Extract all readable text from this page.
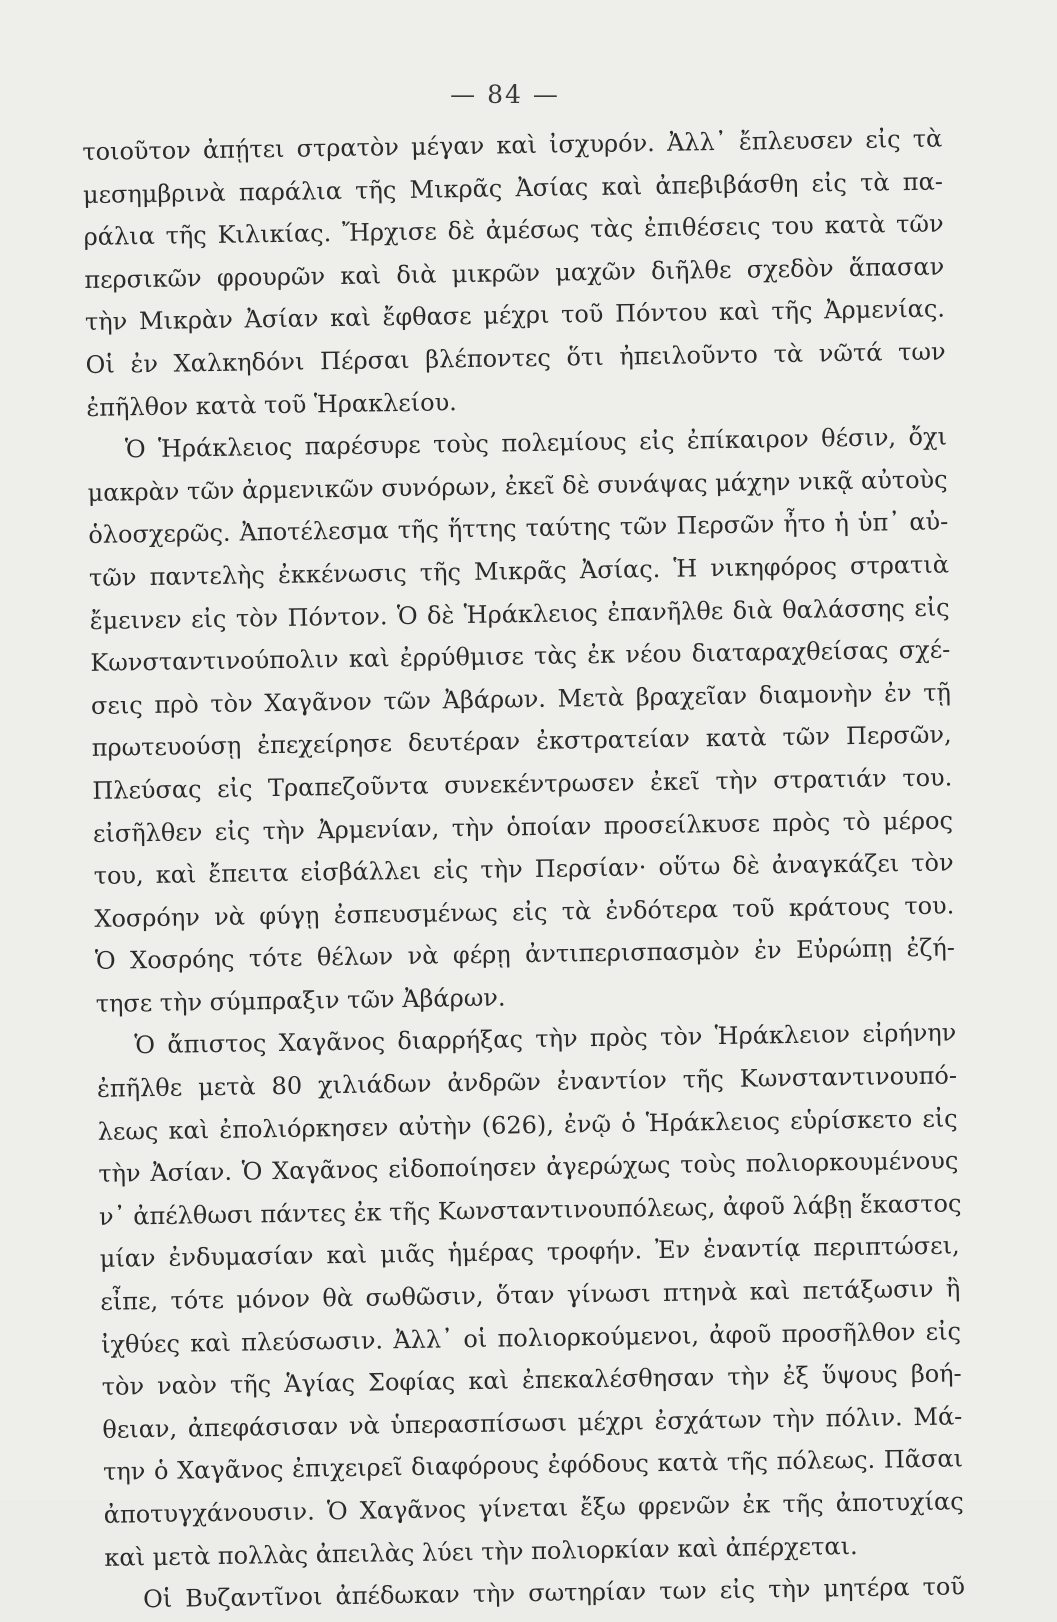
— 84 —
τοιοῦτον ἀπῄτει στρατὸν μέγαν καὶ ἰσχυρόν. Ἀλλ᾽ ἔπλευσεν εἰς τὰ
μεσημβρινὰ παράλια τῆς Μικρᾶς Ἀσίας καὶ ἀπεβιβάσθη εἰς τὰ πα-
ράλια τῆς Κιλικίας. Ἤρχισε δὲ ἀμέσως τὰς ἐπιθέσεις του κατὰ τῶν
περσικῶν φρουρῶν καὶ διὰ μικρῶν μαχῶν διῆλθε σχεδὸν ἅπασαν
τὴν Μικρὰν Ἀσίαν καὶ ἔφθασε μέχρι τοῦ Πόντου καὶ τῆς Ἀρμενίας.
Οἱ ἐν Χαλκηδόνι Πέρσαι βλέποντες ὅτι ἠπειλοῦντο τὰ νῶτά των
ἐπῆλθον κατὰ τοῦ Ἡρακλείου.
Ὁ Ἡράκλειος παρέσυρε τοὺς πολεμίους εἰς ἐπίκαιρον θέσιν, ὄχι
μακρὰν τῶν ἀρμενικῶν συνόρων, ἐκεῖ δὲ συνάψας μάχην νικᾷ αὐτοὺς
ὁλοσχερῶς. Ἀποτέλεσμα τῆς ἥττης ταύτης τῶν Περσῶν ἦτο ἡ ὑπ᾽ αὐ-
τῶν παντελὴς ἐκκένωσις τῆς Μικρᾶς Ἀσίας. Ἡ νικηφόρος στρατιὰ
ἔμεινεν εἰς τὸν Πόντον. Ὁ δὲ Ἡράκλειος ἐπανῆλθε διὰ θαλάσσης εἰς
Κωνσταντινούπολιν καὶ ἐρρύθμισε τὰς ἐκ νέου διαταραχθείσας σχέ-
σεις πρὸ τὸν Χαγᾶνον τῶν Ἀβάρων. Μετὰ βραχεῖαν διαμονὴν ἐν τῇ
πρωτευούσῃ ἐπεχείρησε δευτέραν ἐκστρατείαν κατὰ τῶν Περσῶν,
Πλεύσας εἰς Τραπεζοῦντα συνεκέντρωσεν ἐκεῖ τὴν στρατιάν του.
εἰσῆλθεν εἰς τὴν Ἀρμενίαν, τὴν ὁποίαν προσείλκυσε πρὸς τὸ μέρος
του, καὶ ἔπειτα εἰσβάλλει εἰς τὴν Περσίαν· οὕτω δὲ ἀναγκάζει τὸν
Χοσρόην νὰ φύγῃ ἐσπευσμένως εἰς τὰ ἐνδότερα τοῦ κράτους του.
Ὁ Χοσρόης τότε θέλων νὰ φέρῃ ἀντιπερισπασμὸν ἐν Εὐρώπῃ ἐζή-
τησε τὴν σύμπραξιν τῶν Ἀβάρων.
Ὁ ἄπιστος Χαγᾶνος διαρρήξας τὴν πρὸς τὸν Ἡράκλειον εἰρήνην
ἐπῆλθε μετὰ 80 χιλιάδων ἀνδρῶν ἐναντίον τῆς Κωνσταντινουπό-
λεως καὶ ἐπολιόρκησεν αὐτὴν (626), ἐνῷ ὁ Ἡράκλειος εὑρίσκετο εἰς
τὴν Ἀσίαν. Ὁ Χαγᾶνος εἰδοποίησεν ἀγερώχως τοὺς πολιορκουμένους
ν᾽ ἀπέλθωσι πάντες ἐκ τῆς Κωνσταντινουπόλεως, ἀφοῦ λάβῃ ἕκαστος
μίαν ἐνδυμασίαν καὶ μιᾶς ἡμέρας τροφήν. Ἐν ἐναντίᾳ περιπτώσει,
εἶπε, τότε μόνον θὰ σωθῶσιν, ὅταν γίνωσι πτηνὰ καὶ πετάξωσιν ἢ
ἰχθύες καὶ πλεύσωσιν. Ἀλλ᾽ οἱ πολιορκούμενοι, ἀφοῦ προσῆλθον εἰς
τὸν ναὸν τῆς Ἁγίας Σοφίας καὶ ἐπεκαλέσθησαν τὴν ἐξ ὕψους βοή-
θειαν, ἀπεφάσισαν νὰ ὑπερασπίσωσι μέχρι ἐσχάτων τὴν πόλιν. Μά-
την ὁ Χαγᾶνος ἐπιχειρεῖ διαφόρους ἐφόδους κατὰ τῆς πόλεως. Πᾶσαι
ἀποτυγχάνουσιν. Ὁ Χαγᾶνος γίνεται ἔξω φρενῶν ἐκ τῆς ἀποτυχίας
καὶ μετὰ πολλὰς ἀπειλὰς λύει τὴν πολιορκίαν καὶ ἀπέρχεται.
Οἱ Βυζαντῖνοι ἀπέδωκαν τὴν σωτηρίαν των εἰς τὴν μητέρα τοῦ
